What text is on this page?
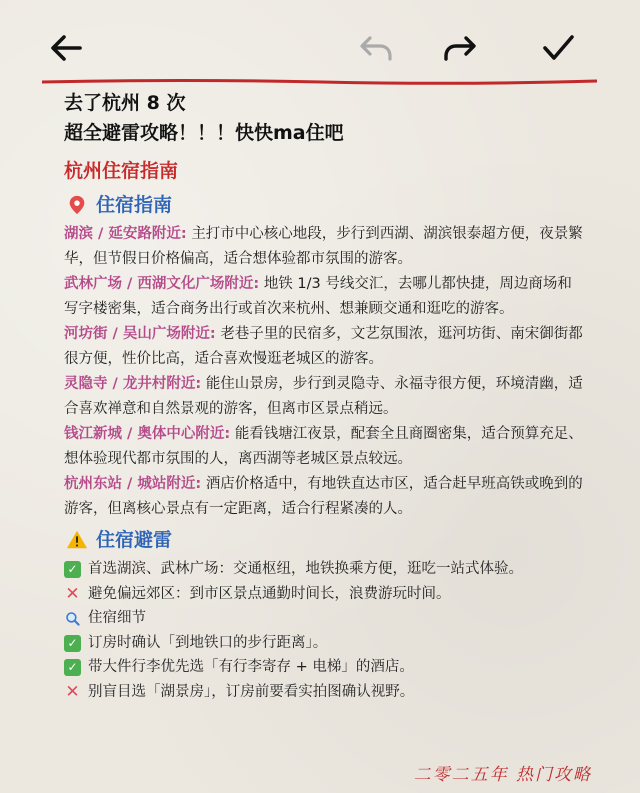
去了杭州 8 次
超全避雷攻略！！！快快ma住吧
杭州住宿指南
住宿指南
湖滨 / 延安路附近: 主打市中心核心地段，步行到西湖、湖滨银泰超方便，夜景繁华，但节假日价格偏高，适合想体验都市氛围的游客。
武林广场 / 西湖文化广场附近: 地铁 1/3 号线交汇，去哪儿都快捷，周边商场和写字楼密集，适合商务出行或首次来杭州、想兼顾交通和逛吃的游客。
河坊街 / 吴山广场附近: 老巷子里的民宿多，文艺氛围浓，逛河坊街、南宋御街都很方便，性价比高，适合喜欢慢逛老城区的游客。
灵隐寺 / 龙井村附近: 能住山景房，步行到灵隐寺、永福寺很方便，环境清幽，适合喜欢禅意和自然景观的游客，但离市区景点稍远。
钱江新城 / 奥体中心附近: 能看钱塘江夜景，配套全且商圈密集，适合预算充足、想体验现代都市氛围的人，离西湖等老城区景点较远。
杭州东站 / 城站附近: 酒店价格适中，有地铁直达市区，适合赶早班高铁或晚到的游客，但离核心景点有一定距离，适合行程紧凑的人。
住宿避雷
✓ 首选湖滨、武林广场：交通枢纽，地铁换乘方便，逛吃一站式体验。
✕ 避免偏远郊区：到市区景点通勤时间长，浪费游玩时间。
住宿细节
✓ 订房时确认「到地铁口的步行距离」。
✓ 带大件行李优先选「有行李寄存 + 电梯」的酒店。
✕ 别盲目选「湖景房」，订房前要看实拍图确认视野。
二零二五年 热门攻略
